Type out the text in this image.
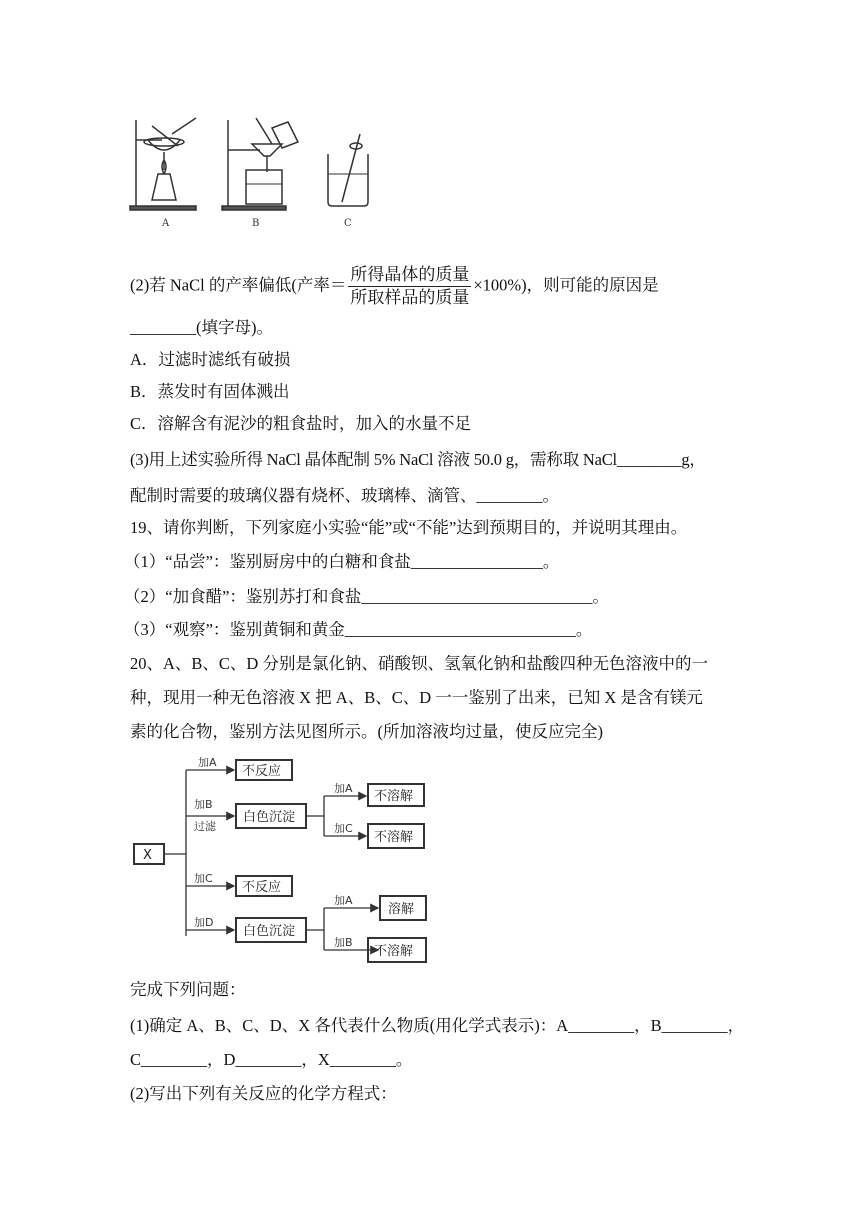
A	B	C
(2)若 NaCl 的产率偏低(产率＝ $\frac{\text{所得晶体的质量}}{\text{所取样品的质量}} \times 100\%$)，则可能的原因是
________(填字母)。
A．过滤时滤纸有破损
B．蒸发时有固体溅出
C．溶解含有泥沙的粗食盐时，加入的水量不足
(3)用上述实验所得 NaCl 晶体配制 5% NaCl 溶液 50.0 g，需称取 NaCl________g，
配制时需要的玻璃仪器有烧杯、玻璃棒、滴管、________。
19、请你判断，下列家庭小实验“能”或“不能”达到预期目的，并说明其理由。
（1）“品尝”：鉴别厨房中的白糖和食盐________________。
（2）“加食醋”：鉴别苏打和食盐____________________________。
（3）“观察”：鉴别黄铜和黄金____________________________。
20、A、B、C、D 分别是氯化钠、硝酸钡、氢氧化钠和盐酸四种无色溶液中的一
种，现用一种无色溶液 X 把 A、B、C、D 一一鉴别了出来，已知 X 是含有镁元
素的化合物，鉴别方法见图所示。(所加溶液均过量，使反应完全)
X
加A
加B
过滤
加C
加D
不反应
白色沉淀
不反应
白色沉淀
加A
加C
加A
加B
不溶解
不溶解
溶解
不溶解
完成下列问题：
(1)确定 A、B、C、D、X 各代表什么物质(用化学式表示)：A________，B________，
C________，D________，X________。
(2)写出下列有关反应的化学方程式：
